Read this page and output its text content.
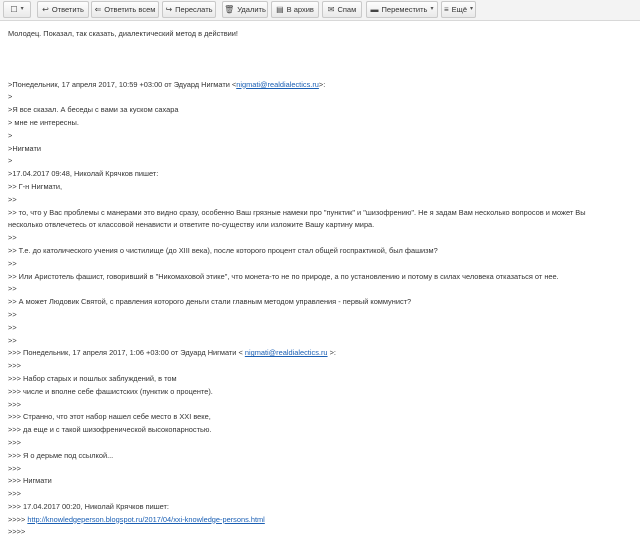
☐ ▾ ↩ Ответить ⇐ Ответить всем ↪ Переслать 🗑 Удалить ▤ В архив ✉ Спам ▬ Переместить ▾ ≡ Ещё ▾
Молодец. Показал, так сказать, диалектический метод в действии!
>Понедельник, 17 апреля 2017, 10:59 +03:00 от Эдуард Нигмати <nigmati@realdialectics.ru>:
>
>Я все сказал. А беседы с вами за куском сахара
> мне не интересны.
>
>Нигмати
>
>17.04.2017 09:48, Николай Крячков пишет:
>> Г-н Нигмати,
>>
>> то, что у Вас проблемы с манерами это видно сразу, особенно Ваш грязные намеки про "пунктик" и "шизофрению". Не я задам Вам несколько вопросов и может Вы
несколько отвлечетесь от классовой ненависти и ответите по-существу или изложите Вашу картину мира.
>>
>> Т.е. до католического учения о чистилище (до XIII века), после которого процент стал общей госпрактикой, был фашизм?
>>
>> Или Аристотель фашист, говоривший в "Никомаховой этике", что монета-то не по природе, а по установлению и потому в силах человека отказаться от нее.
>>
>> А может Людовик Святой, с правления которого деньги стали главным методом управления - первый коммунист?
>>
>>
>>
>>> Понедельник, 17 апреля 2017, 1:06 +03:00 от Эдуард Нигмати < nigmati@realdialectics.ru >:
>>>
>>> Набор старых и пошлых заблуждений, в том
>>> числе и вполне себе фашистских (пунктик о проценте).
>>>
>>> Странно, что этот набор нашел себе место в XXI веке,
>>> да еще и с такой шизофренической высокопарностью.
>>>
>>> Я о дерьме под ссылкой...
>>>
>>> Нигмати
>>>
>>> 17.04.2017 00:20, Николай Крячков пишет:
>>>> http://knowledgeperson.blogspot.ru/2017/04/xxi-knowledge-persons.html
>>>>
